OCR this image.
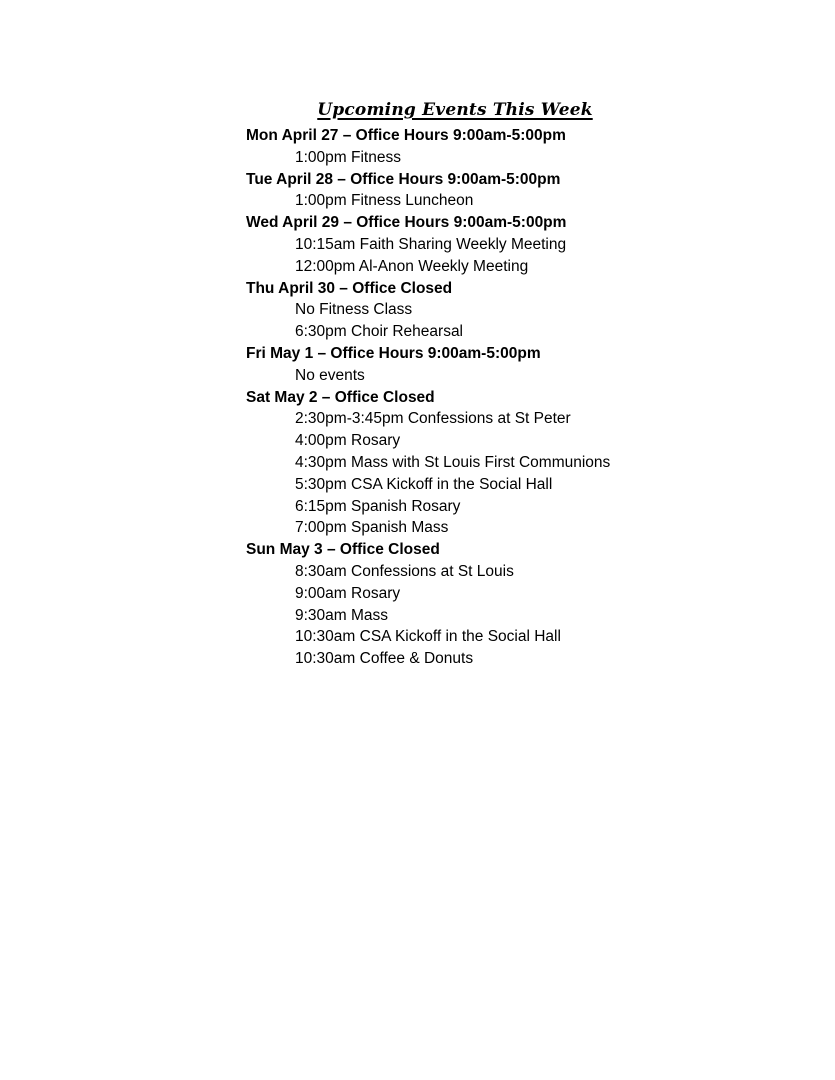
Upcoming Events This Week
Mon April 27 – Office Hours 9:00am-5:00pm
1:00pm Fitness
Tue April 28 – Office Hours 9:00am-5:00pm
1:00pm Fitness Luncheon
Wed April 29 – Office Hours 9:00am-5:00pm
10:15am Faith Sharing Weekly Meeting
12:00pm Al-Anon Weekly Meeting
Thu April 30 – Office Closed
No Fitness Class
6:30pm Choir Rehearsal
Fri May 1 – Office Hours 9:00am-5:00pm
No events
Sat May 2 – Office Closed
2:30pm-3:45pm Confessions at St Peter
4:00pm Rosary
4:30pm Mass with St Louis First Communions
5:30pm CSA Kickoff in the Social Hall
6:15pm Spanish Rosary
7:00pm Spanish Mass
Sun May 3 – Office Closed
8:30am Confessions at St Louis
9:00am Rosary
9:30am Mass
10:30am CSA Kickoff in the Social Hall
10:30am Coffee & Donuts
